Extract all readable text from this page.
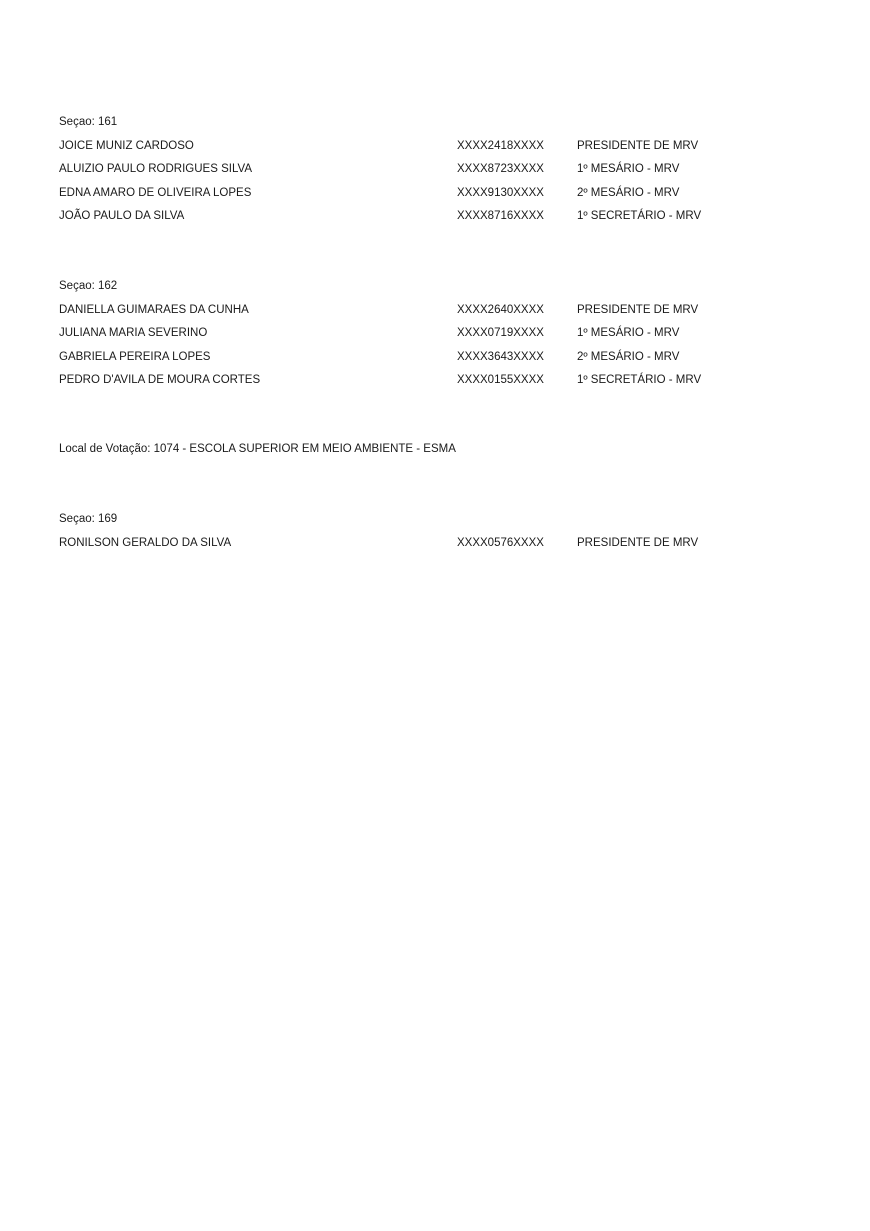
Seçao: 161
JOICE MUNIZ CARDOSO	XXXX2418XXXX	PRESIDENTE DE MRV
ALUIZIO PAULO RODRIGUES SILVA	XXXX8723XXXX	1º MESÁRIO - MRV
EDNA AMARO DE OLIVEIRA LOPES	XXXX9130XXXX	2º MESÁRIO - MRV
JOÃO PAULO DA SILVA	XXXX8716XXXX	1º SECRETÁRIO - MRV
Seçao: 162
DANIELLA GUIMARAES DA CUNHA	XXXX2640XXXX	PRESIDENTE DE MRV
JULIANA MARIA SEVERINO	XXXX0719XXXX	1º MESÁRIO - MRV
GABRIELA PEREIRA LOPES	XXXX3643XXXX	2º MESÁRIO - MRV
PEDRO D'AVILA DE MOURA CORTES	XXXX0155XXXX	1º SECRETÁRIO - MRV
Local de Votação: 1074 - ESCOLA SUPERIOR EM MEIO AMBIENTE - ESMA
Seçao: 169
RONILSON GERALDO DA SILVA	XXXX0576XXXX	PRESIDENTE DE MRV
